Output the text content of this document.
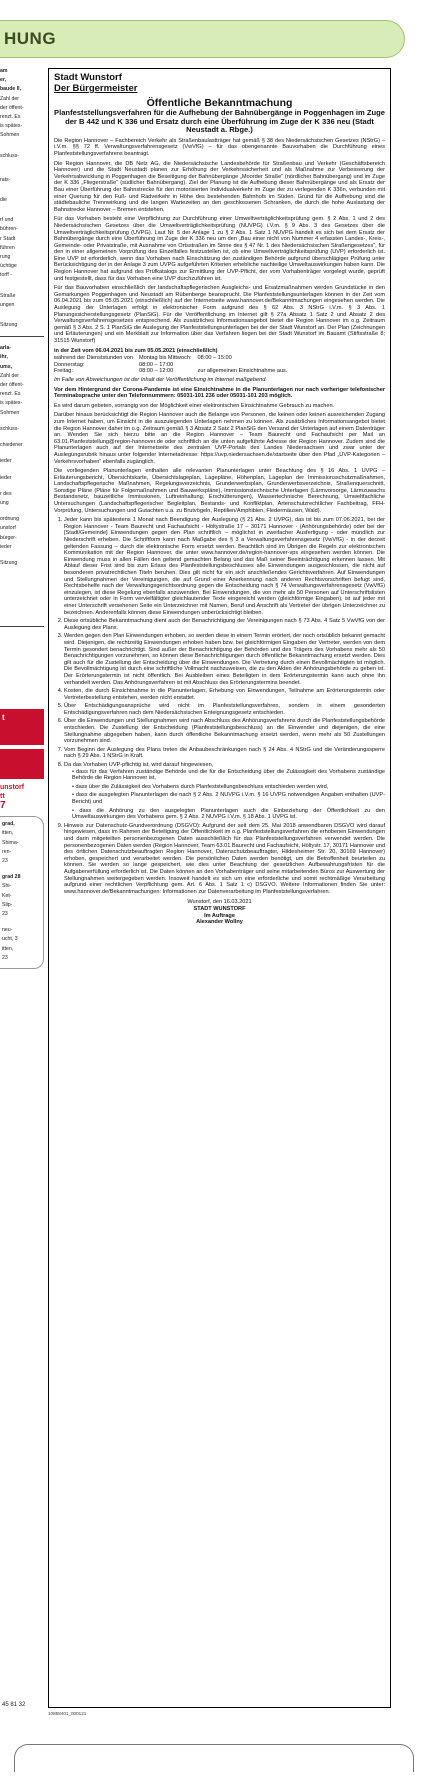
HUNG
am
er,
baude II,
Zahl der
der öffent-
renzt. Es
is spätes-
Sohmen
schluss-
rats-
die
rf und
bühren-
r Stadt
führen
rung
üchtige
torff -
Straße
ungen
Sitzung
arla-
ihr,
ums,
Zahl der
der öffent-
renzt. Es
is spätes-
Sohmen
schluss-
chiedener
ieder
ieder
r des
ung
ordnung
unstorf
bürger-
ieder
Sitzung
t
unstorf
tt
7
grad,
itten,
Shima-
ren-
23
grad 28
Shi-
Ket-
Slip-
23
neu-
ucht, 3
itten,
23
45 81 32
Stadt Wunstorf
Der Bürgermeister
Öffentliche Bekanntmachung
Planfeststellungsverfahren für die Aufhebung der Bahnübergänge in Poggenhagen im Zuge der B 442 und K 336 und Ersatz durch eine Überführung im Zuge der K 336 neu (Stadt Neustadt a. Rbge.)

Die Region Hannover – Fachbereich Verkehr als Straßenbaulastträger hat gemäß § 38 des Niedersächsischen Gesetzes (NStrG) – i.V.m. §§ 72 ff. Verwaltungsverfahrensgesetz (VwVfG) – für das obengenannte Bauvorhaben die Durchführung eines Planfeststellungsverfahrens beantragt.

Die Region Hannover, die DB Netz AG, die Niedersächsische Landesbehörde für Straßenbau und Verkehr (Geschäftsbereich Hannover) und die Stadt Neustadt planen zur Erhöhung der Verkehrssicherheit und als Maßnahme zur Verbesserung der Verkehrsabwicklung in Poggenhagen die Beseitigung der Bahnübergänge „Moorder Straße“ (nördlicher Bahnübergang) und im Zuge der K 336 „Fliegerstraße“ (südlicher Bahnübergang). Ziel der Planung ist die Aufhebung dieser Bahnübergänge und als Ersatz der Bau einer Überführung der Bahnstrecke für den motorisierten Individualverkehr im Zuge der zu verlegenden K 336n, verbunden mit einer Querung für den Fuß- und Radverkehr in Höhe des bestehenden Bahnhofs im Süden. Grund für die Aufhebung sind die städtebauliche Trennwirkung und die langen Wartezeiten an den geschlossenen Schranken, die durch die hohe Auslastung der Bahnstrecke Hannover – Bremen entstehen.

Für das Vorhaben besteht eine Verpflichtung zur Durchführung einer Umweltverträglichkeitsprüfung gem. § 2 Abs. 1 und 2 des Niedersächsischen Gesetzes über die Umweltverträglichkeitsprüfung (NUVPG) i.V.m. § 9 Abs. 3 des Gesetzes über die Umweltverträglichkeitsprüfung (UVPG). Laut Nr. 5 der Anlage 1 zu § 2 Abs. 1 Satz 1 NUVPG handelt es sich bei dem Ersatz der Bahnübergänge durch eine Überführung im Zuge der K 336 neu um den „Bau einer nicht von Nummer 4 erfassten Landes-, Kreis-, Gemeinde- oder Privatstraße, mit Ausnahme von Ortsstraßen im Sinne des § 47 Nr. 1 des Niedersächsischen Straßengesetzes“, für den in einer allgemeinen Vorprüfung des Einzelfalles festzustellen ist, ob eine Umweltverträglichkeitsprüfung (UVP) erforderlich ist. Eine UVP ist erforderlich, wenn das Vorhaben nach Einschätzung der zuständigen Behörde aufgrund überschlägiger Prüfung unter Berücksichtigung der in der Anlage 3 zum UVPG aufgeführten Kriterien erhebliche nachteilige Umweltauswirkungen haben kann. Die Region Hannover hat aufgrund des Prüfkatalogs zur Ermittlung der UVP-Pflicht, der vom Vorhabenträger vorgelegt wurde, geprüft und festgestellt, dass für das Vorhaben eine UVP durchzuführen ist.

Für das Bauvorhaben einschließlich der landschaftspflegerischen Ausgleichs- und Ersatzmaßnahmen werden Grundstücke in den Gemarkungen Poggenhagen und Neustadt am Rübenberge beansprucht. Die Planfeststellungsunterlagen können in der Zeit vom 06.04.2021 bis zum 05.05.2021 (einschließlich) auf der Internetseite www.hannover.de/Bekanntmachungen eingesehen werden. Die Auslegung der Unterlagen erfolgt in elektronischer Form aufgrund des § 62 Abs. 3 NStrG i.V.m. § 3 Abs. 1 Planungssicherstellungsgesetz (PlanSiG). Für die Veröffentlichung im Internet gilt § 27a Absatz 1 Satz 2 und Absatz 2 des Verwaltungsverfahrensgesetzes entsprechend. Als zusätzliches Informationsangebot bietet die Region Hannover im o.g. Zeitraum gemäß § 3 Abs. 2 S. 1 PlanSiG die Auslegung der Planfeststellungsunterlagen bei der der Stadt Wunstorf an. Der Plan (Zeichnungen und Erläuterungen) und ein Merkblatt zur Information über das Verfahren liegen bei der Stadt Wunstorf im Bauamt (Stiftsstraße 8; 31515 Wunstorf)

in der Zeit vom 06.04.2021 bis zum 05.05.2021 (einschließlich)

während der Dienststunden von	Montag bis Mittwoch:	08:00 – 15:00
Donnerstag:	08:00 – 17:00	
Freitag:	08:00 – 12:00	zur allgemeinen Einsichtnahme aus.

Im Falle von Abweichungen ist der Inhalt der Veröffentlichung im Internet maßgebend.

Vor dem Hintergrund der Corona-Pandemie ist eine Einsichtnahme in die Planunterlagen nur nach vorheriger telefonischer Terminabsprache unter den Telefonnummern: 05031-101 236 oder 05031-101 203 möglich.

Es wird darum gebeten, vorrangig von der Möglichkeit einer elektronischen Einsichtnahme Gebrauch zu machen.

Darüber hinaus berücksichtigt die Region Hannover auch die Belange von Personen, die keinen oder keinen ausreichenden Zugang zum Internet haben, um Einsicht in die auszulegenden Unterlagen nehmen zu können. Als zusätzliches Informationsangebot bietet die Region Hannover daher im o.g. Zeitraum gemäß § 3 Absatz 2 Satz 2 PlanSiG den Versand der Unterlagen auf einem Datenträger an. Wenden Sie sich hierzu bitte an die Region Hannover – Team Baurecht und Fachaufsicht per Mail an 63.01.Planfeststellung@region-hannover.de oder schriftlich an die unten aufgeführte Adresse der Region Hannover. Zudem sind die Planunterlagen auch auf der Internetseite des zentralen UVP-Portals des Landes Niedersachsen und zwar unter der Auslegungsrubrik hinaus unter folgender Internetadresse: https://uvp.niedersachsen.de/startseite über den Pfad „UVP-Kategorien – Verkehrsvorhaben“ ebenfalls zugänglich.

Die vorliegenden Planunterlagen enthalten alle relevanten Planunterlagen unter Beachtung des § 16 Abs. 1 UVPG – Erläuterungsbericht, Übersichtskarte, Übersichtslageplan, Lagepläne, Höhenplan, Lageplan der Immissionsschutzmaßnahmen, Landschaftspflegerische Maßnahmen, Regelungsverzeichnis, Grunderwerbsplan, Grunderwerbsverzeichnis, Straßenquerschnitt, Sonstige Pläne (Pläne für Folgemaßnahmen und Bauwerkspläne), Immissionstechnische Unterlagen (Lärmvorsorge, Lärmzuwachs Bestandsnetz, bauzeitliche Immissionen, Luftreinhaltung, Erschütterungen), Wassertechnische Berechnung, Umweltfachliche Untersuchungen (Landschaftspflegerischer Begleitplan, Bestands- und Konfliktplan, Artenschutzrechtlicher Fachbeitrag, FFH-Vorprüfung, Untersuchungen und Gutachten u.a. zu Brutvögeln, Reptilien/Amphibien, Fledermäusen, Wald).

1. Jeder kann bis spätestens 1 Monat nach Beendigung der Auslegung (§ 21 Abs. 2 UVPG), das ist bis zum 07.06.2021, bei der Region Hannover - Team Baurecht und Fachaufsicht - Höltystraße 17 – 30171 Hannover - (Anhörungsbehörde) oder bei der [Stadt/Gemeinde] Einwendungen gegen den Plan schriftlich – möglichst in zweifacher Ausfertigung - oder mündlich zur Niederschrift erheben. Die Schriftform kann nach Maßgabe des § 3 a Verwaltungsverfahrensgesetz (VwVfG) - in der derzeit geltenden Fassung – durch die elektronische Form ersetzt werden. Beachtlich sind im Übrigen die Regeln zur elektronischen Kommunikation mit der Region Hannover, die unter www.hannover.de/region-hannover-vps eingesehen werden können. Die Einwendung muss in allen Fällen den geltend gemachten Belang und das Maß seiner Beeinträchtigung erkennen lassen. Mit Ablauf dieser Frist sind bis zum Erlass des Planfeststellungsbeschlusses alle Einwendungen ausgeschlossen, die nicht auf besonderen privatrechtlichen Titeln beruhen. Dies gilt nicht für ein sich anschließendes Gerichtsverfahren. Auf Einwendungen und Stellungnahmen der Vereinigungen, die auf Grund einer Anerkennung nach anderen Rechtsvorschriften befugt sind, Rechtsbehelfe nach der Verwaltungsgerichtsordnung gegen die Entscheidung nach § 74 Verwaltungsverfahrensgesetz (VwVfG) einzulegen, ist diese Regelung ebenfalls anzuwenden. Bei Einwendungen, die von mehr als 50 Personen auf Unterschriftslisten unterzeichnet oder in Form vervielfältigter gleichlautender Texte eingereicht werden (gleichförmige Eingaben), ist auf jeder mit einer Unterschrift versehenen Seite ein Unterzeichner mit Namen, Beruf und Anschrift als Vertreter der übrigen Unterzeichner zu bezeichnen. Anderenfalls können diese Einwendungen unberücksichtigt bleiben.
2. Diese ortsübliche Bekanntmachung dient auch der Benachrichtigung der Vereinigungen nach § 73 Abs. 4 Satz 5 VwVfG von der Auslegung des Plans.
3. Werden gegen den Plan Einwendungen erhoben, so werden diese in einem Termin erörtert, der noch ortsüblich bekannt gemacht wird. Diejenigen, die rechtzeitig Einwendungen erhoben haben bzw. bei gleichförmigen Eingaben der Vertreter, werden von dem Termin gesondert benachrichtigt. Sind außer der Benachrichtigung der Behörden und des Trägers des Vorhabens mehr als 50 Benachrichtigungen vorzunehmen, so können diese Benachrichtigungen durch öffentliche Bekanntmachung ersetzt werden. Dies gilt auch für die Zustellung der Entscheidung über die Einwendungen. Die Vertretung durch einen Bevollmächtigten ist möglich. Die Bevollmächtigung ist durch eine schriftliche Vollmacht nachzuweisen, die zu den Akten der Anhörungsbehörde zu geben ist. Der Erörterungstermin ist nicht öffentlich. Bei Ausbleiben eines Beteiligten in dem Erörterungstermin kann auch ohne ihn verhandelt werden. Das Anhörungsverfahren ist mit Abschluss des Erörterungstermins beendet.
4. Kosten, die durch Einsichtnahme in die Planunterlagen, Erhebung von Einwendungen, Teilnahme am Erörterungstermin oder Vertreterbestellung entstehen, werden nicht erstattet.
5. Über Entschädigungsansprüche wird nicht im Planfeststellungsverfahren, sondern in einem gesonderten Entschädigungsverfahren nach dem Niedersächsischen Enteignungsgesetz entschieden.
6. Über die Einwendungen und Stellungnahmen wird nach Abschluss des Anhörungsverfahrens durch die Planfeststellungsbehörde entschieden. Die Zustellung der Entscheidung (Planfeststellungsbeschluss) an die Einwender und diejenigen, die eine Stellungnahme abgegeben haben, kann durch öffentliche Bekanntmachung ersetzt werden, wenn mehr als 50 Zustellungen vorzunehmen sind.
7. Vom Beginn der Auslegung des Plans treten die Anbaubeschränkungen nach § 24 Abs. 4 NStrG und die Veränderungssperre nach § 29 Abs. 1 NStrG in Kraft.
8. Da das Vorhaben UVP-pflichtig ist, wird darauf hingewiesen,
• dass für das Verfahren zuständige Behörde und die für die Entscheidung über die Zulässigkeit des Vorhabens zuständige Behörde die Region Hannover ist,
• dass über die Zulässigkeit des Vorhabens durch Planfeststellungsbeschluss entschieden werden wird,
• dass die ausgelegten Planunterlagen die nach § 2 Abs. 2 NUVPG i.V.m. § 16 UVPG notwendigen Angaben enthalten (UVP-Bericht) und
• dass die Anhörung zu den ausgelegten Planunterlagen auch die Einbeziehung der Öffentlichkeit zu den Umweltauswirkungen des Vorhabens gem. § 2 Abs. 2 NUVPG i.V.m. § 18 Abs. 1 UVPG ist.
9. Hinweis zur Datenschutz-Grundverordnung (DSGVO): Aufgrund der seit dem 25. Mai 2018 anwendbaren DSGVO wird darauf hingewiesen, dass im Rahmen der Beteiligung der Öffentlichkeit im o.g. Planfeststellungsverfahren die erhobenen Einwendungen und darin mitgeteilten personenbezogenen Daten ausschließlich für das Planfeststellungsverfahren verwendet werden. Die personenbezogenen Daten werden (Region Hannover, Team 63.01 Baurecht und Fachaufsicht, Höltystr. 17, 30171 Hannover und des örtlichen Datenschutzbeauftragten Region Hannover, Datenschutzbeauftragter, Hildesheimer Str. 20, 30169 Hannover) erhoben, gespeichert und verarbeitet werden. Die persönlichen Daten werden benötigt, um die Betroffenheit beurteilen zu können. Sie werden so lange gespeichert, wie dies unter Beachtung der gesetzlichen Aufbewahrungsfristen für die Aufgabenerfüllung erforderlich ist. Die Daten können an den Vorhabenträger und seine mitarbeitenden Büros zur Auswertung der Stellungnahmen weitergegeben werden. Insoweit handelt es sich um eine erforderliche und somit rechtmäßige Verarbeitung aufgrund einer rechtlichen Verpflichtung gem. Art. 6 Abs. 1 Satz 1 c) DSGVO. Weitere Informationen finden Sie unter: www.hannover.de/Bekanntmachungen: Informationen zur Datenverarbeitung im Planfeststellungsverfahren.

Wunstorf, den 16.03.2021

STADT WUNSTORF

Im Auftrage

Alexander Wollny

10858401_000121
